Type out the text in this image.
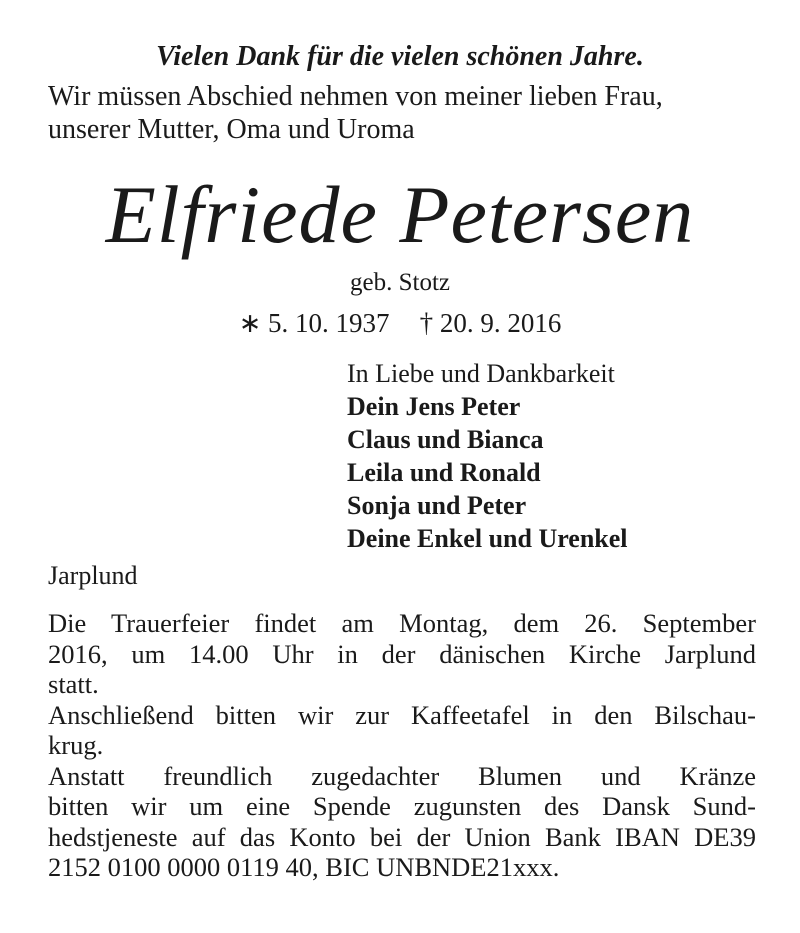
Vielen Dank für die vielen schönen Jahre.
Wir müssen Abschied nehmen von meiner lieben Frau,
unserer Mutter, Oma und Uroma
Elfriede Petersen
geb. Stotz
∗ 5. 10. 1937 † 20. 9. 2016
In Liebe und Dankbarkeit
Dein Jens Peter
Claus und Bianca
Leila und Ronald
Sonja und Peter
Deine Enkel und Urenkel
Jarplund
Die Trauerfeier findet am Montag, dem 26. September
2016, um 14.00 Uhr in der dänischen Kirche Jarplund
statt.
Anschließend bitten wir zur Kaffeetafel in den Bilschau-
krug.
Anstatt freundlich zugedachter Blumen und Kränze
bitten wir um eine Spende zugunsten des Dansk Sund-
hedstjeneste auf das Konto bei der Union Bank IBAN DE39
2152 0100 0000 0119 40, BIC UNBNDE21xxx.
